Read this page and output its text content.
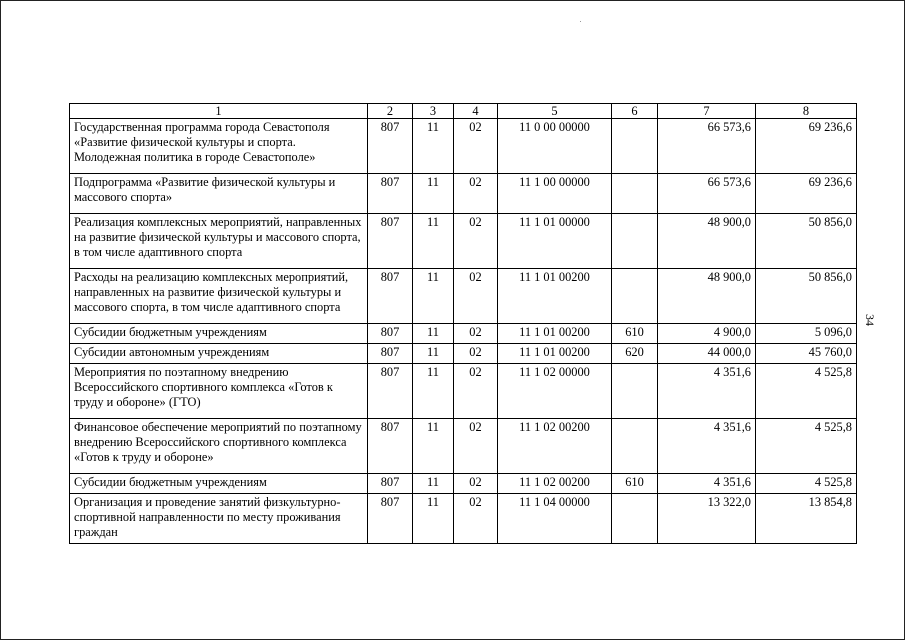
1	2	3	4	5	6	7	8
Государственная программа города Севастополя «Развитие физической культуры и спорта. Молодежная политика в городе Севастополе»	807	11	02	11 0 00 00000		66 573,6	69 236,6
Подпрограмма «Развитие физической культуры и массового спорта»	807	11	02	11 1 00 00000		66 573,6	69 236,6
Реализация комплексных мероприятий, направленных на развитие физической культуры и массового спорта, в том числе адаптивного спорта	807	11	02	11 1 01 00000		48 900,0	50 856,0
Расходы на реализацию комплексных мероприятий, направленных на развитие физической культуры и массового спорта, в том числе адаптивного спорта	807	11	02	11 1 01 00200		48 900,0	50 856,0
Субсидии бюджетным учреждениям	807	11	02	11 1 01 00200	610	4 900,0	5 096,0
Субсидии автономным учреждениям	807	11	02	11 1 01 00200	620	44 000,0	45 760,0
Мероприятия по поэтапному внедрению Всероссийского спортивного комплекса «Готов к труду и обороне» (ГТО)	807	11	02	11 1 02 00000		4 351,6	4 525,8
Финансовое обеспечение мероприятий по поэтапному внедрению Всероссийского спортивного комплекса «Готов к труду и обороне»	807	11	02	11 1 02 00200		4 351,6	4 525,8
Субсидии бюджетным учреждениям	807	11	02	11 1 02 00200	610	4 351,6	4 525,8
Организация и проведение занятий физкультурно-спортивной направленности по месту проживания граждан	807	11	02	11 1 04 00000		13 322,0	13 854,8
34
